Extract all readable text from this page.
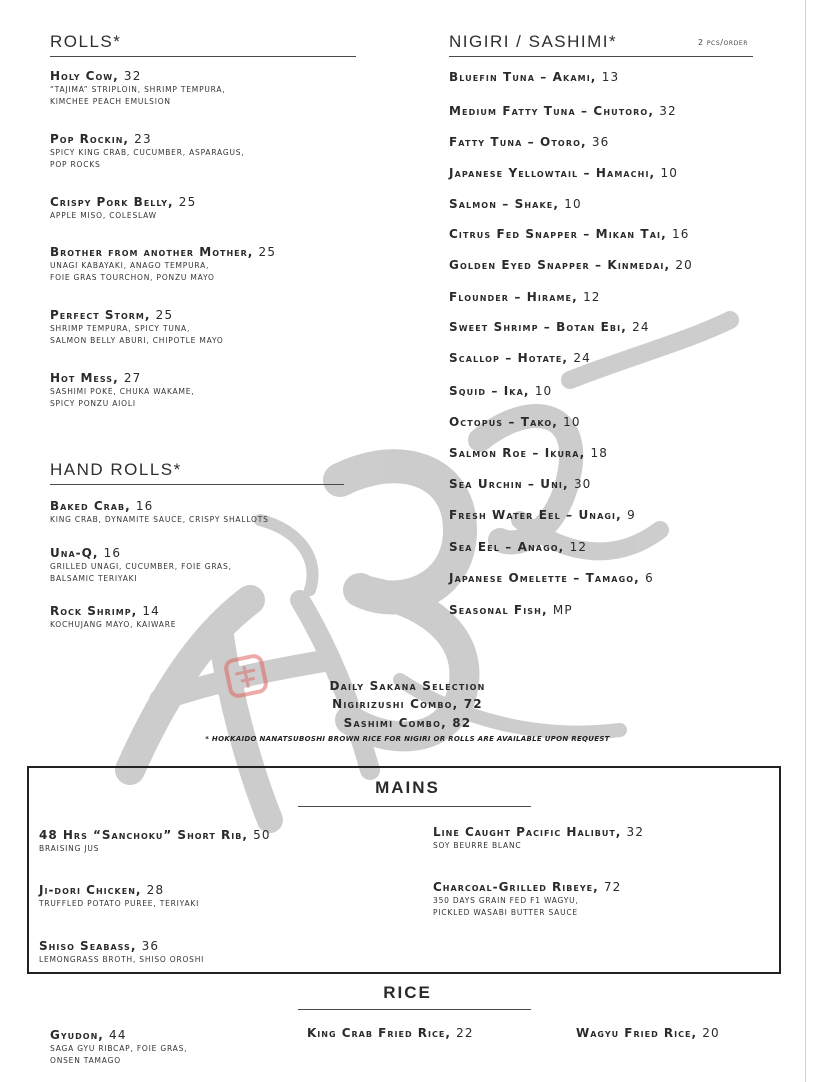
ROLLS*
Holy Cow, 32
“TAJIMA” STRIPLOIN, SHRIMP TEMPURA,
KIMCHEE PEACH EMULSION
Pop Rockin, 23
SPICY KING CRAB, CUCUMBER, ASPARAGUS,
POP ROCKS
Crispy Pork Belly, 25
APPLE MISO, COLESLAW
Brother from another Mother, 25
UNAGI KABAYAKI, ANAGO TEMPURA,
FOIE GRAS TOURCHON, PONZU MAYO
Perfect Storm, 25
SHRIMP TEMPURA, SPICY TUNA,
SALMON BELLY ABURI, CHIPOTLE MAYO
Hot Mess, 27
SASHIMI POKE, CHUKA WAKAME,
SPICY PONZU AIOLI
HAND ROLLS*
Baked Crab, 16
KING CRAB, DYNAMITE SAUCE, CRISPY SHALLOTS
Una-Q, 16
GRILLED UNAGI, CUCUMBER, FOIE GRAS,
BALSAMIC TERIYAKI
Rock Shrimp, 14
KOCHUJANG MAYO, KAIWARE
NIGIRI / SASHIMI*	2 pcs/order
Bluefin Tuna – Akami, 13
Medium Fatty Tuna – Chutoro, 32
Fatty Tuna – Otoro, 36
Japanese Yellowtail – Hamachi, 10
Salmon – Shake, 10
Citrus Fed Snapper – Mikan Tai, 16
Golden Eyed Snapper – Kinmedai, 20
Flounder – Hirame, 12
Sweet Shrimp – Botan Ebi, 24
Scallop – Hotate, 24
Squid – Ika, 10
Octopus – Tako, 10
Salmon Roe – Ikura, 18
Sea Urchin – Uni, 30
Fresh Water Eel – Unagi, 9
Sea Eel – Anago, 12
Japanese Omelette – Tamago, 6
Seasonal Fish, MP
Daily Sakana Selection
Nigirizushi Combo, 72
Sashimi Combo, 82
* HOKKAIDO NANATSUBOSHI BROWN RICE FOR NIGIRI OR ROLLS ARE AVAILABLE UPON REQUEST
MAINS
48 Hrs “Sanchoku” Short Rib, 50
BRAISING JUS
Ji-dori Chicken, 28
TRUFFLED POTATO PUREE, TERIYAKI
Shiso Seabass, 36
LEMONGRASS BROTH, SHISO OROSHI
Line Caught Pacific Halibut, 32
SOY BEURRE BLANC
Charcoal-Grilled Ribeye, 72
350 DAYS GRAIN FED F1 WAGYU,
PICKLED WASABI BUTTER SAUCE
RICE
Gyudon, 44
SAGA GYU RIBCAP, FOIE GRAS,
ONSEN TAMAGO
King Crab Fried Rice, 22	Wagyu Fried Rice, 20
